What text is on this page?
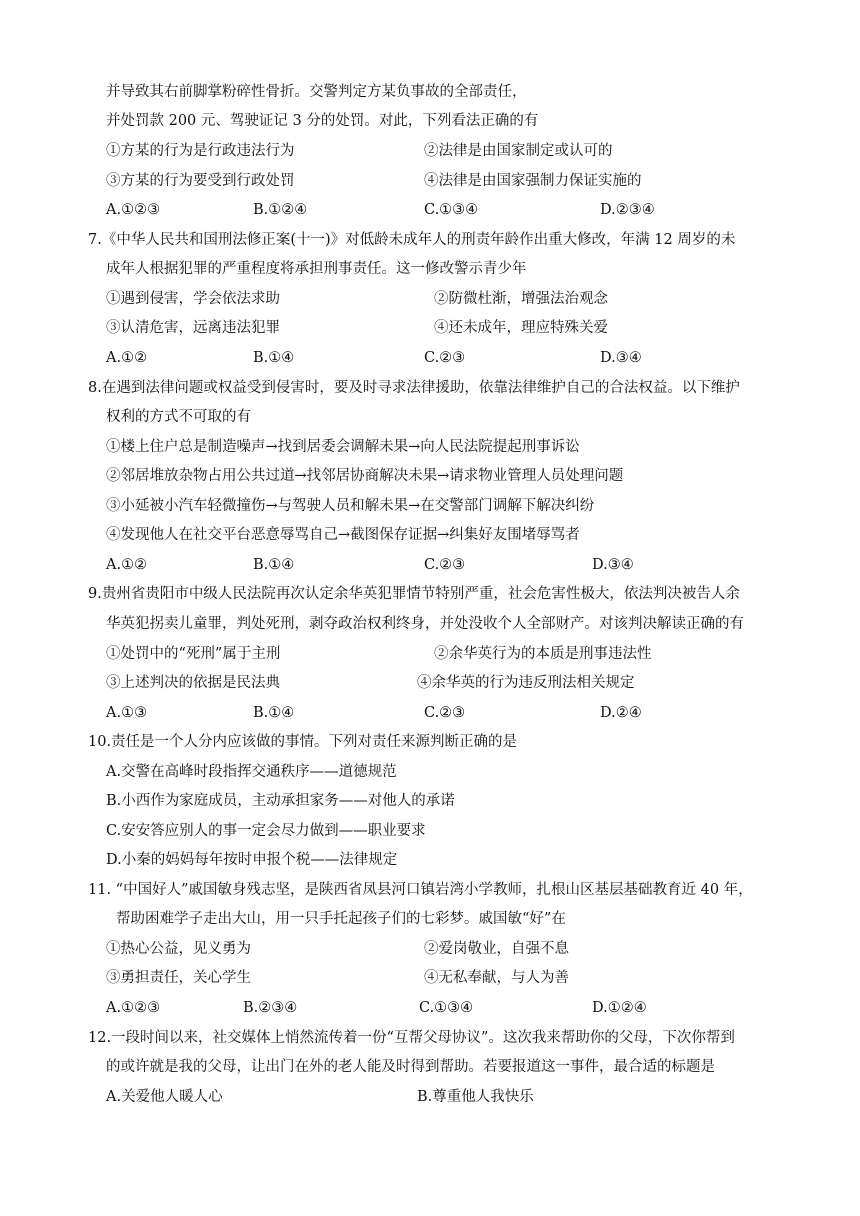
并导致其右前脚掌粉碎性骨折。交警判定方某负事故的全部责任，
并处罚款 200 元、驾驶证记 3 分的处罚。对此，下列看法正确的有
①方某的行为是行政违法行为	②法律是由国家制定或认可的
③方某的行为要受到行政处罚	④法律是由国家强制力保证实施的
A.①②③	B.①②④	C.①③④	D.②③④
7.《中华人民共和国刑法修正案(十一)》对低龄未成年人的刑责年龄作出重大修改，年满 12 周岁的未
成年人根据犯罪的严重程度将承担刑事责任。这一修改警示青少年
①遇到侵害，学会依法求助	②防微杜渐，增强法治观念
③认清危害，远离违法犯罪	④还未成年，理应特殊关爱
A.①②	B.①④	C.②③	D.③④
8.在遇到法律问题或权益受到侵害时，要及时寻求法律援助，依靠法律维护自己的合法权益。以下维护
权利的方式不可取的有
①楼上住户总是制造噪声→找到居委会调解未果→向人民法院提起刑事诉讼
②邻居堆放杂物占用公共过道→找邻居协商解决未果→请求物业管理人员处理问题
③小延被小汽车轻微撞伤→与驾驶人员和解未果→在交警部门调解下解决纠纷
④发现他人在社交平台恶意辱骂自己→截图保存证据→纠集好友围堵辱骂者
A.①②	B.①④	C.②③	D.③④
9.贵州省贵阳市中级人民法院再次认定余华英犯罪情节特别严重，社会危害性极大，依法判决被告人余
华英犯拐卖儿童罪，判处死刑，剥夺政治权利终身，并处没收个人全部财产。对该判决解读正确的有
①处罚中的“死刑”属于主刑	②余华英行为的本质是刑事违法性
③上述判决的依据是民法典	④余华英的行为违反刑法相关规定
A.①③	B.①④	C.②③	D.②④
10.责任是一个人分内应该做的事情。下列对责任来源判断正确的是
A.交警在高峰时段指挥交通秩序——道德规范
B.小西作为家庭成员，主动承担家务——对他人的承诺
C.安安答应别人的事一定会尽力做到——职业要求
D.小秦的妈妈每年按时申报个税——法律规定
11. “中国好人”戚国敏身残志坚，是陕西省凤县河口镇岩湾小学教师，扎根山区基层基础教育近 40 年，
帮助困难学子走出大山，用一只手托起孩子们的七彩梦。戚国敏“好”在
①热心公益，见义勇为	②爱岗敬业，自强不息
③勇担责任，关心学生	④无私奉献，与人为善
A.①②③	B.②③④	C.①③④	D.①②④
12.一段时间以来，社交媒体上悄然流传着一份“互帮父母协议”。这次我来帮助你的父母，下次你帮到
的或许就是我的父母，让出门在外的老人能及时得到帮助。若要报道这一事件，最合适的标题是
A.关爱他人暖人心	B.尊重他人我快乐
